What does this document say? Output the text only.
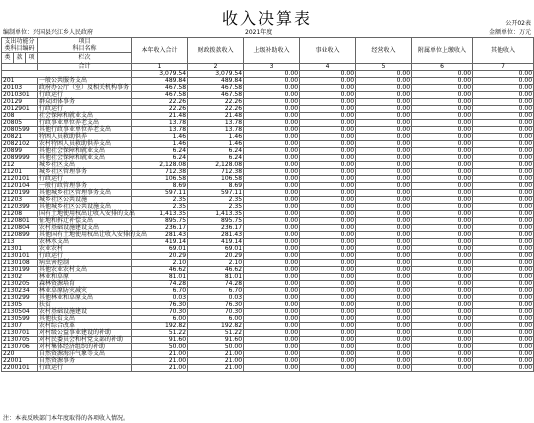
收入决算表	公开02表
编制单位：兴国县兴江乡人民政府	2021年度	金额单位：万元
支出功能分类科目编码			项目
科目名称	本年收入合计	财政拨款收入	上级补助收入	事业收入	经营收入	附属单位上缴收入	其他收入
类	款	项	栏次							
			合计	1	2	3	4	5	6	7
				3,079.54	3,079.54	0.00	0.00	0.00	0.00	0.00
201			一般公共服务支出	489.84	489.84	0.00	0.00	0.00	0.00	0.00
20103			政府办公厅（室）及相关机构事务	467.58	467.58	0.00	0.00	0.00	0.00	0.00
2010301			行政运行	467.58	467.58	0.00	0.00	0.00	0.00	0.00
20129			群众团体事务	22.26	22.26	0.00	0.00	0.00	0.00	0.00
2012901			行政运行	22.26	22.26	0.00	0.00	0.00	0.00	0.00
208			社会保障和就业支出	21.48	21.48	0.00	0.00	0.00	0.00	0.00
20805			行政事业单位养老支出	13.78	13.78	0.00	0.00	0.00	0.00	0.00
2080599			其他行政事业单位养老支出	13.78	13.78	0.00	0.00	0.00	0.00	0.00
20821			特困人员救助供养	1.46	1.46	0.00	0.00	0.00	0.00	0.00
2082102			农村特困人员救助供养支出	1.46	1.46	0.00	0.00	0.00	0.00	0.00
20899			其他社会保障和就业支出	6.24	6.24	0.00	0.00	0.00	0.00	0.00
2089999			其他社会保障和就业支出	6.24	6.24	0.00	0.00	0.00	0.00	0.00
212			城乡社区支出	2,128.08	2,128.08	0.00	0.00	0.00	0.00	0.00
21201			城乡社区管理事务	712.38	712.38	0.00	0.00	0.00	0.00	0.00
2120101			行政运行	106.58	106.58	0.00	0.00	0.00	0.00	0.00
2120104			一般行政管理事务	8.69	8.69	0.00	0.00	0.00	0.00	0.00
2120199			其他城乡社区管理事务支出	597.11	597.11	0.00	0.00	0.00	0.00	0.00
21203			城乡社区公共设施	2.35	2.35	0.00	0.00	0.00	0.00	0.00
2120399			其他城乡社区公共设施支出	2.35	2.35	0.00	0.00	0.00	0.00	0.00
21208			国有土地使用权出让收入安排的支出	1,413.35	1,413.35	0.00	0.00	0.00	0.00	0.00
2120801			征地和拆迁补偿支出	895.75	895.75	0.00	0.00	0.00	0.00	0.00
2120804			农村基础设施建设支出	236.17	236.17	0.00	0.00	0.00	0.00	0.00
2120899			其他国有土地使用权出让收入安排的支出	281.43	281.43	0.00	0.00	0.00	0.00	0.00
213			农林水支出	419.14	419.14	0.00	0.00	0.00	0.00	0.00
21301			农业农村	69.01	69.01	0.00	0.00	0.00	0.00	0.00
2130101			行政运行	20.29	20.29	0.00	0.00	0.00	0.00	0.00
2130108			病虫害控制	2.10	2.10	0.00	0.00	0.00	0.00	0.00
2130199			其他农业农村支出	46.62	46.62	0.00	0.00	0.00	0.00	0.00
21302			林业和草原	81.01	81.01	0.00	0.00	0.00	0.00	0.00
2130205			森林资源培育	74.28	74.28	0.00	0.00	0.00	0.00	0.00
2130234			林业草原防灾减灾	6.70	6.70	0.00	0.00	0.00	0.00	0.00
2130299			其他林业和草原支出	0.03	0.03	0.00	0.00	0.00	0.00	0.00
21305			扶贫	76.30	76.30	0.00	0.00	0.00	0.00	0.00
2130504			农村基础设施建设	70.30	70.30	0.00	0.00	0.00	0.00	0.00
2130599			其他扶贫支出	6.00	6.00	0.00	0.00	0.00	0.00	0.00
21307			农村综合改革	192.82	192.82	0.00	0.00	0.00	0.00	0.00
2130701			对村级公益事业建设的补助	51.22	51.22	0.00	0.00	0.00	0.00	0.00
2130705			对村民委员会和村党支部的补助	91.60	91.60	0.00	0.00	0.00	0.00	0.00
2130706			对村集体经济组织的补助	50.00	50.00	0.00	0.00	0.00	0.00	0.00
220			自然资源海洋气象等支出	21.00	21.00	0.00	0.00	0.00	0.00	0.00
22001			自然资源事务	21.00	21.00	0.00	0.00	0.00	0.00	0.00
2200101			行政运行	21.00	21.00	0.00	0.00	0.00	0.00	0.00
注：本表反映部门本年度取得的各项收入情况。
